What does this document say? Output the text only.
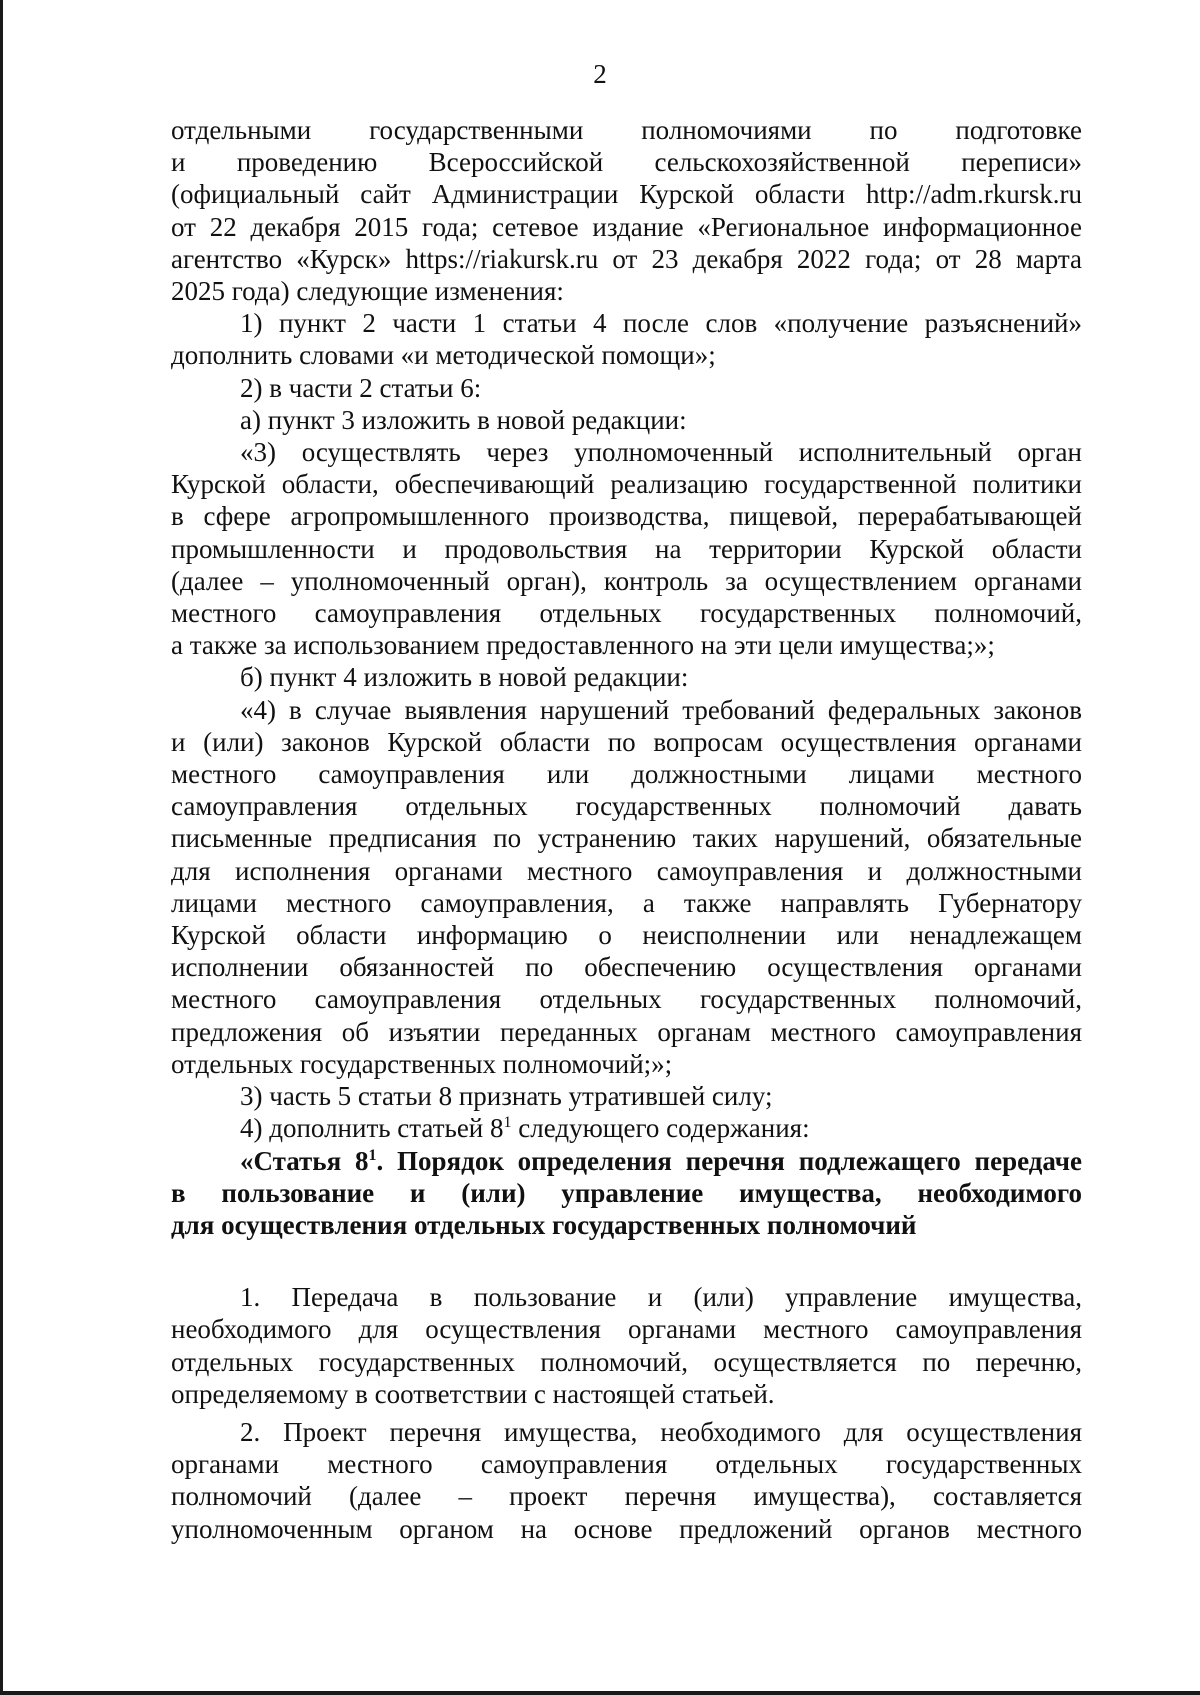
2
отдельными государственными полномочиями по подготовке
и проведению Всероссийской сельскохозяйственной переписи»
(официальный сайт Администрации Курской области http://adm.rkursk.ru
от 22 декабря 2015 года; сетевое издание «Региональное информационное
агентство «Курск» https://riakursk.ru от 23 декабря 2022 года; от 28 марта
2025 года) следующие изменения:
1) пункт 2 части 1 статьи 4 после слов «получение разъяснений»
дополнить словами «и методической помощи»;
2) в части 2 статьи 6:
а) пункт 3 изложить в новой редакции:
«3) осуществлять через уполномоченный исполнительный орган
Курской области, обеспечивающий реализацию государственной политики
в сфере агропромышленного производства, пищевой, перерабатывающей
промышленности и продовольствия на территории Курской области
(далее – уполномоченный орган), контроль за осуществлением органами
местного самоуправления отдельных государственных полномочий,
а также за использованием предоставленного на эти цели имущества;»;
б) пункт 4 изложить в новой редакции:
«4) в случае выявления нарушений требований федеральных законов
и (или) законов Курской области по вопросам осуществления органами
местного самоуправления или должностными лицами местного
самоуправления отдельных государственных полномочий давать
письменные предписания по устранению таких нарушений, обязательные
для исполнения органами местного самоуправления и должностными
лицами местного самоуправления, а также направлять Губернатору
Курской области информацию о неисполнении или ненадлежащем
исполнении обязанностей по обеспечению осуществления органами
местного самоуправления отдельных государственных полномочий,
предложения об изъятии переданных органам местного самоуправления
отдельных государственных полномочий;»;
3) часть 5 статьи 8 признать утратившей силу;
4) дополнить статьей $8^1$ следующего содержания:
«Статья $8^1$. Порядок определения перечня подлежащего передаче
в пользование и (или) управление имущества, необходимого
для осуществления отдельных государственных полномочий
1. Передача в пользование и (или) управление имущества,
необходимого для осуществления органами местного самоуправления
отдельных государственных полномочий, осуществляется по перечню,
определяемому в соответствии с настоящей статьей.
2. Проект перечня имущества, необходимого для осуществления
органами местного самоуправления отдельных государственных
полномочий (далее – проект перечня имущества), составляется
уполномоченным органом на основе предложений органов местного
